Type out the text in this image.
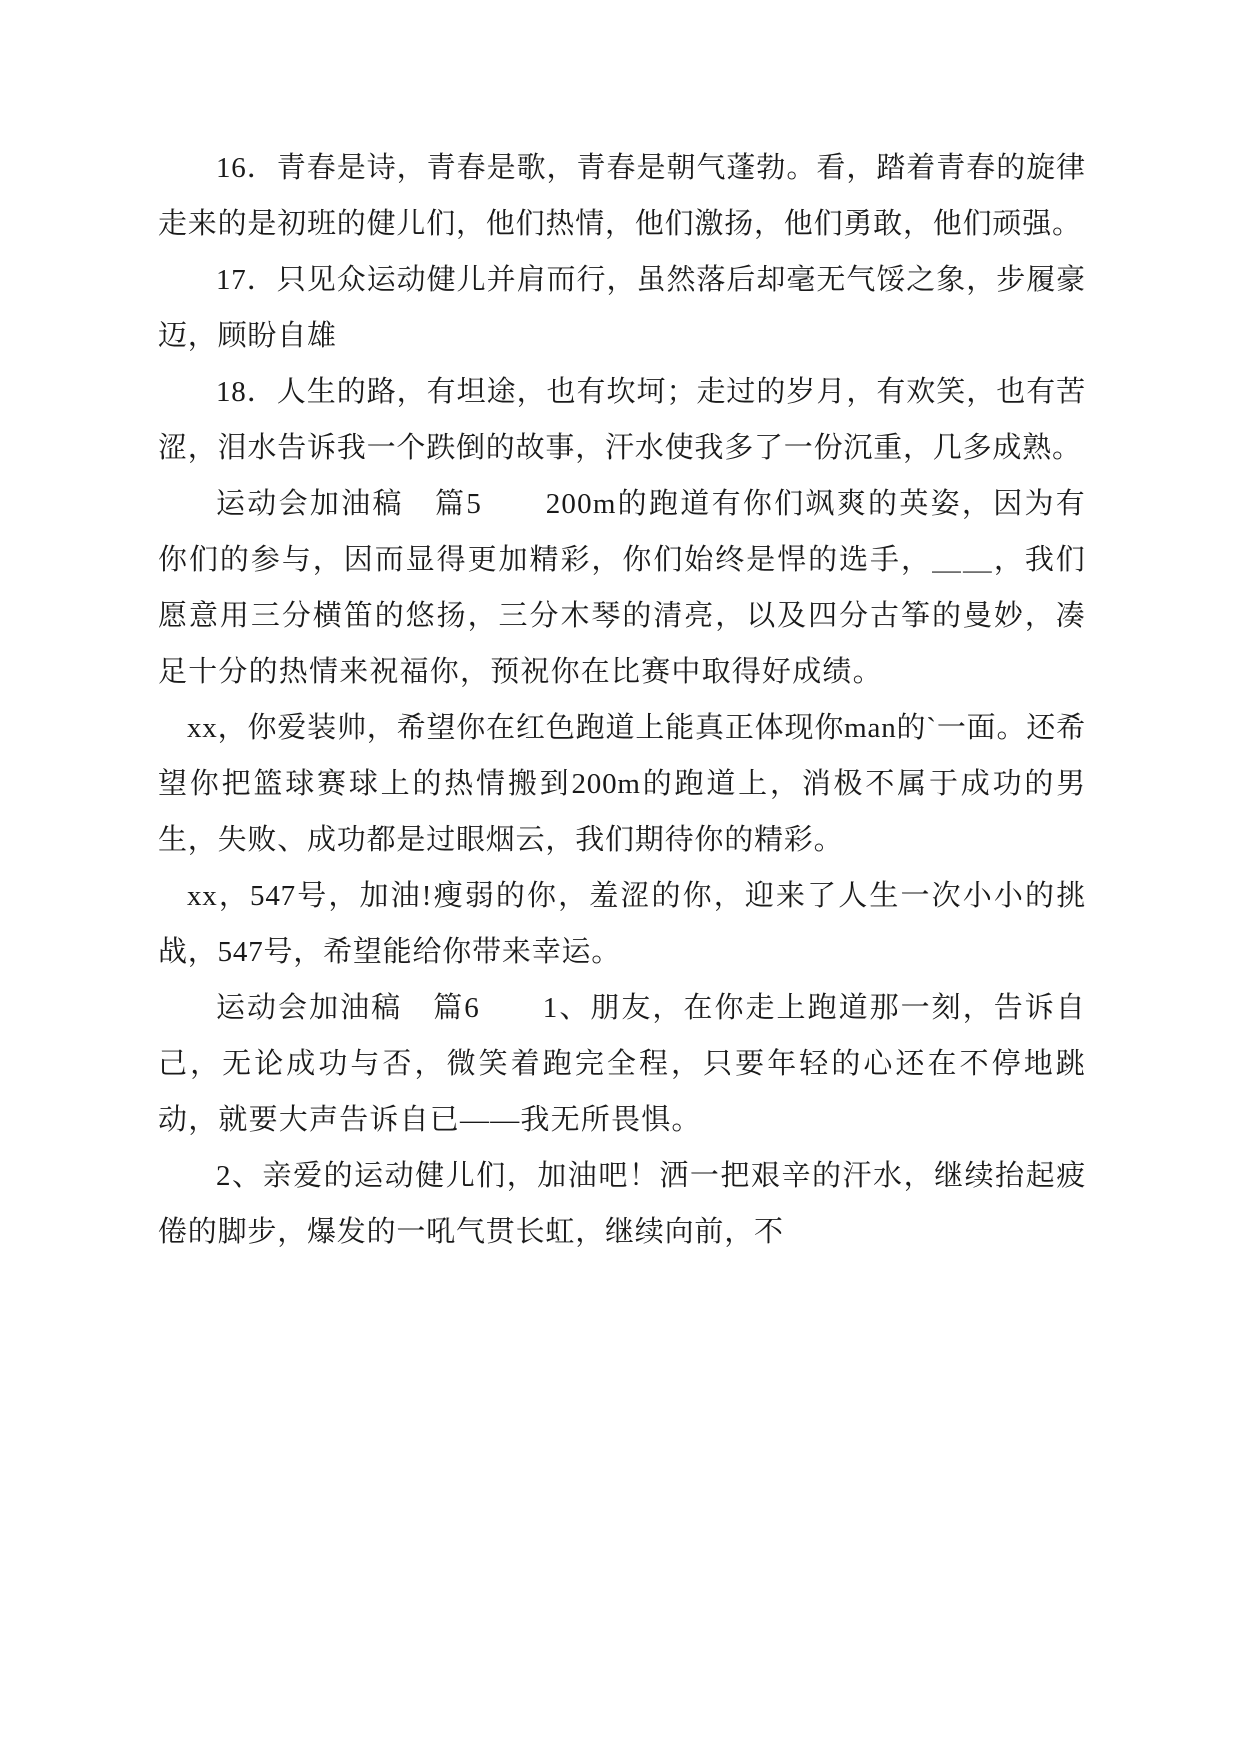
16．青春是诗，青春是歌，青春是朝气蓬勃。看，踏着青春的旋律走来的是初班的健儿们，他们热情，他们激扬，他们勇敢，他们顽强。

17．只见众运动健儿并肩而行，虽然落后却毫无气馁之象，步履豪迈，顾盼自雄

18．人生的路，有坦途，也有坎坷；走过的岁月，有欢笑，也有苦涩，泪水告诉我一个跌倒的故事，汗水使我多了一份沉重，几多成熟。

运动会加油稿　篇5　　200m的跑道有你们飒爽的英姿，因为有你们的参与，因而显得更加精彩，你们始终是悍的选手，＿＿，我们愿意用三分横笛的悠扬，三分木琴的清亮，以及四分古筝的曼妙，凑足十分的热情来祝福你，预祝你在比赛中取得好成绩。

xx，你爱装帅，希望你在红色跑道上能真正体现你man的`一面。还希望你把篮球赛球上的热情搬到200m的跑道上，消极不属于成功的男生，失败、成功都是过眼烟云，我们期待你的精彩。

xx，547号，加油!瘦弱的你，羞涩的你，迎来了人生一次小小的挑战，547号，希望能给你带来幸运。

运动会加油稿　篇6　　1、朋友，在你走上跑道那一刻，告诉自己，无论成功与否，微笑着跑完全程，只要年轻的心还在不停地跳动，就要大声告诉自已——我无所畏惧。

2、亲爱的运动健儿们，加油吧！洒一把艰辛的汗水，继续抬起疲倦的脚步，爆发的一吼气贯长虹，继续向前，不
